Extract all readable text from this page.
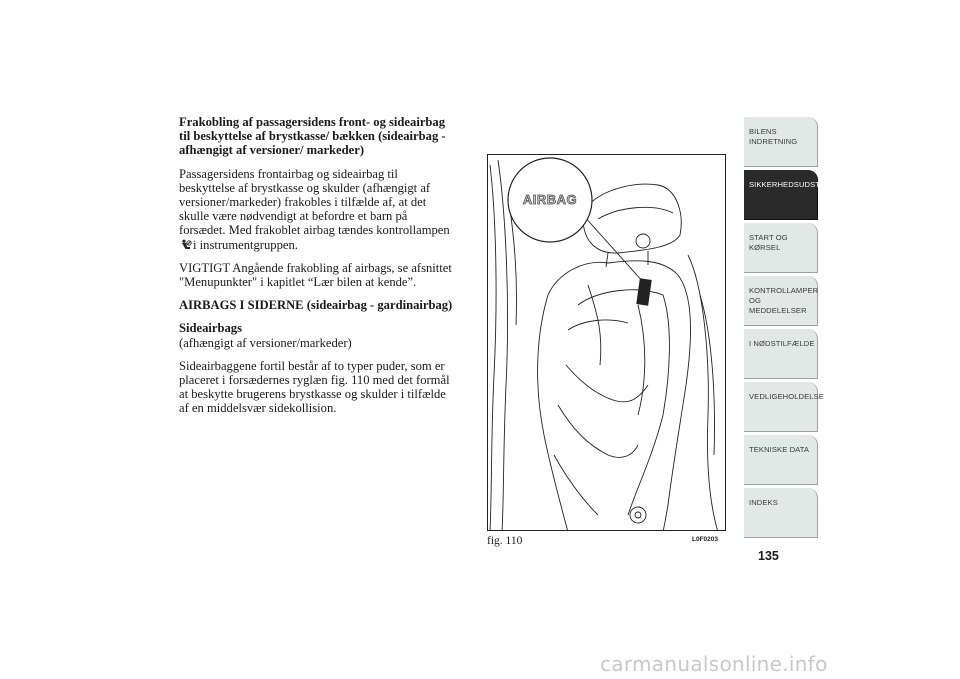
Frakobling af passagersidens front- og sideairbag til beskyttelse af brystkasse/ bækken (sideairbag - afhængigt af versioner/ markeder)

Passagersidens frontairbag og sideairbag til beskyttelse af brystkasse og skulder (afhængigt af versioner/markeder) frakobles i tilfælde af, at det skulle være nødvendigt at befordre et barn på forsædet. Med frakoblet airbag tændes kontrollampeni instrumentgruppen.

VIGTIGT Angående frakobling af airbags, se afsnittet "Menupunkter" i kapitlet “Lær bilen at kende”.

AIRBAGS I SIDERNE (sideairbag - gardinairbag)

Sideairbags

(afhængigt af versioner/markeder)

Sideairbaggene fortil består af to typer puder, som er placeret i forsædernes ryglæn fig. 110 med det formål at beskytte brugerens brystkasse og skulder i tilfælde af en middelsvær sidekollision.

AIRBAG
fig. 110	L0F0203
BILENS
INDRETNING
SIKKERHEDSUDSTYR
START OG KØRSEL
KONTROLLAMPER
OG MEDDELELSER
I NØDSTILFÆLDE
VEDLIGEHOLDELSE
TEKNISKE DATA
INDEKS
135
carmanualsonline.info
